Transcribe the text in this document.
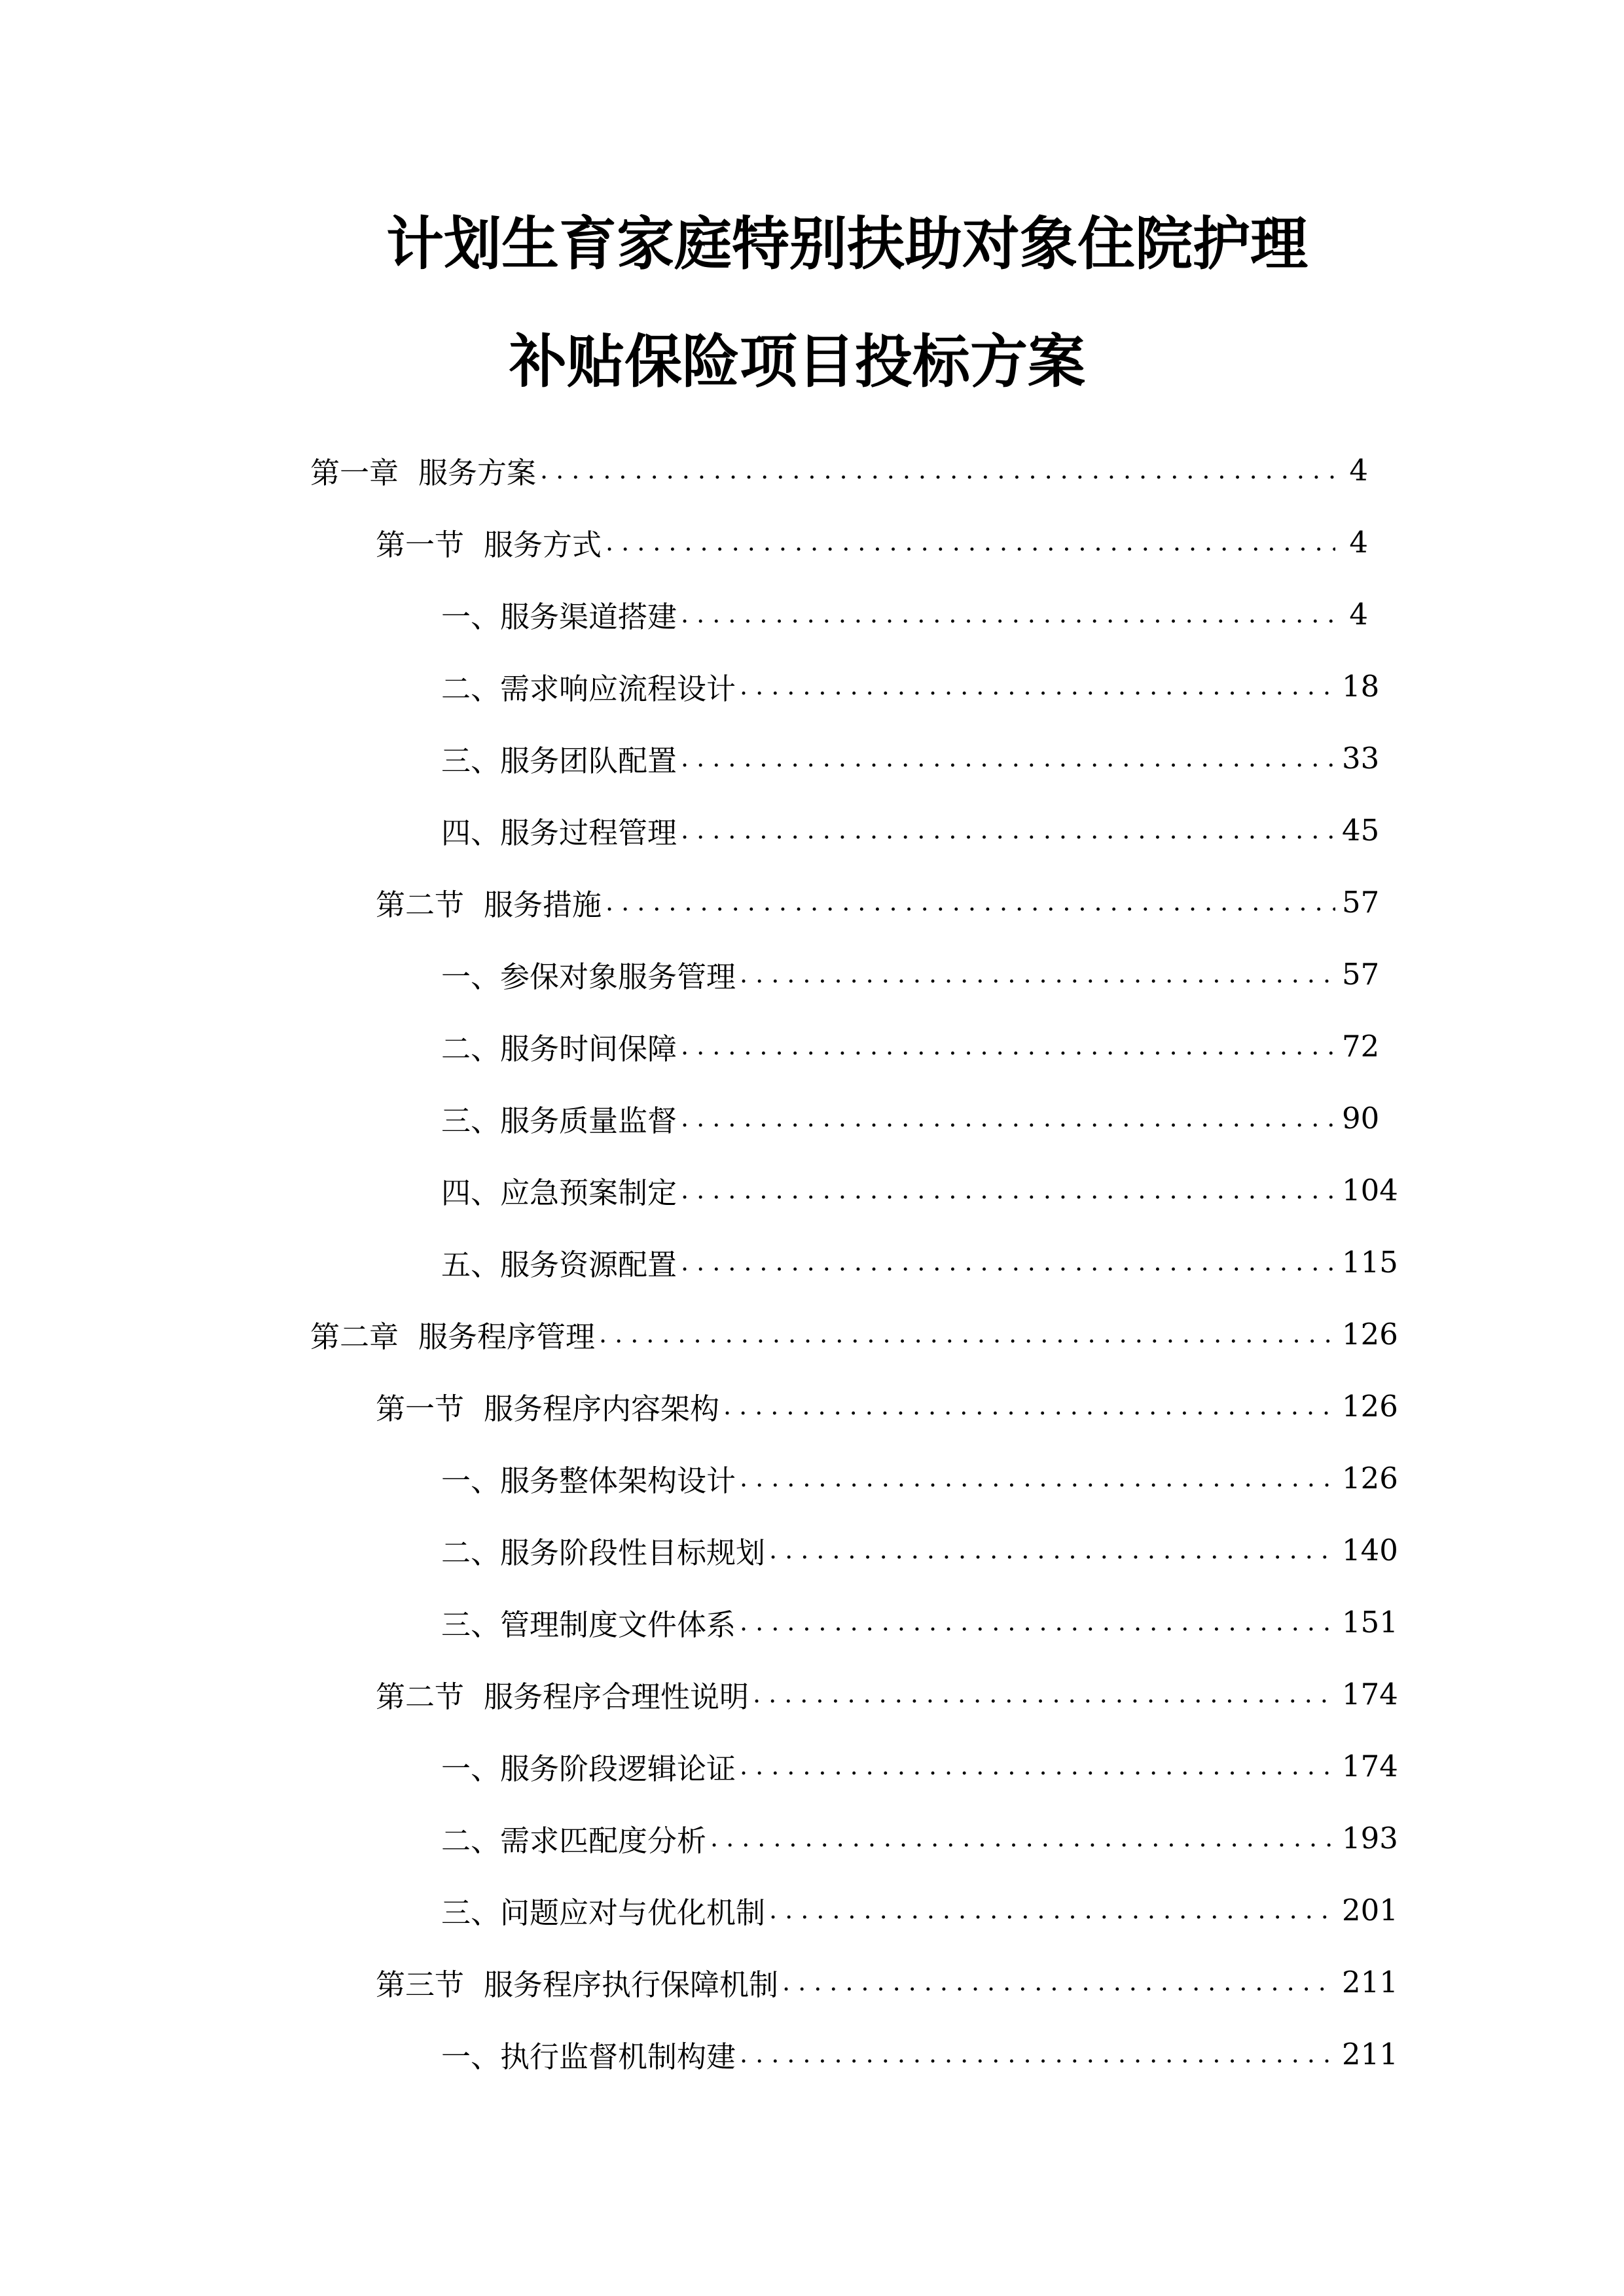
计划生育家庭特别扶助对象住院护理
补贴保险项目投标方案
第一章 服务方案 .....	4
第一节 服务方式 .....	4
一、 服务渠道搭建 .....	4
二、 需求响应流程设计 .....	18
三、 服务团队配置 .....	33
四、 服务过程管理 .....	45
第二节 服务措施 .....	57
一、 参保对象服务管理 .....	57
二、 服务时间保障 .....	72
三、 服务质量监督 .....	90
四、 应急预案制定 .....	104
五、 服务资源配置 .....	115
第二章 服务程序管理 .....	126
第一节 服务程序内容架构 .....	126
一、 服务整体架构设计 .....	126
二、 服务阶段性目标规划 .....	140
三、 管理制度文件体系 .....	151
第二节 服务程序合理性说明 .....	174
一、 服务阶段逻辑论证 .....	174
二、 需求匹配度分析 .....	193
三、 问题应对与优化机制 .....	201
第三节 服务程序执行保障机制 .....	211
一、 执行监督机制构建 .....	211
